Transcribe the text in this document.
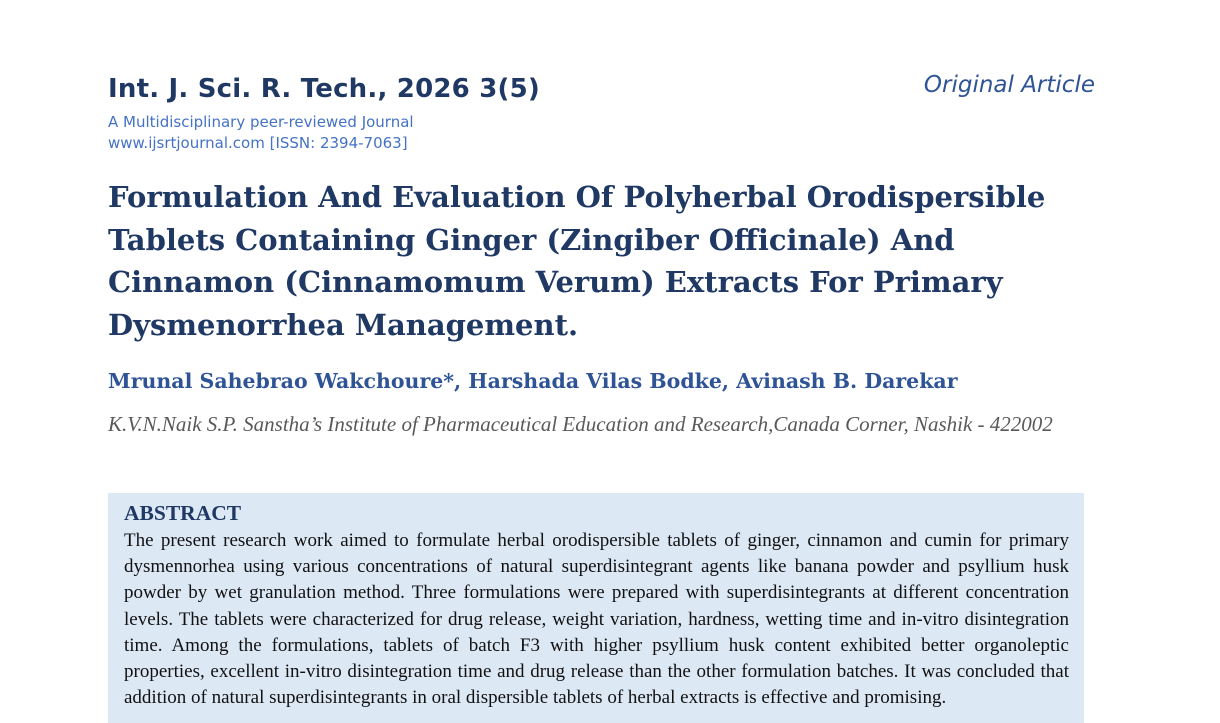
Int. J. Sci. R. Tech., 2026 3(5)	Original Article
A Multidisciplinary peer-reviewed Journal
www.ijsrtjournal.com [ISSN: 2394-7063]
Formulation And Evaluation Of Polyherbal Orodispersible Tablets Containing Ginger (Zingiber Officinale) And Cinnamon (Cinnamomum Verum) Extracts For Primary Dysmenorrhea Management.
Mrunal Sahebrao Wakchoure*, Harshada Vilas Bodke, Avinash B. Darekar
K.V.N.Naik S.P. Sanstha’s Institute of Pharmaceutical Education and Research,Canada Corner, Nashik - 422002
ABSTRACT

The present research work aimed to formulate herbal orodispersible tablets of ginger, cinnamon and cumin for primary dysmennorhea using various concentrations of natural superdisintegrant agents like banana powder and psyllium husk powder by wet granulation method. Three formulations were prepared with superdisintegrants at different concentration levels. The tablets were characterized for drug release, weight variation, hardness, wetting time and in-vitro disintegration time. Among the formulations, tablets of batch F3 with higher psyllium husk content exhibited better organoleptic properties, excellent in-vitro disintegration time and drug release than the other formulation batches. It was concluded that addition of natural superdisintegrants in oral dispersible tablets of herbal extracts is effective and promising.
